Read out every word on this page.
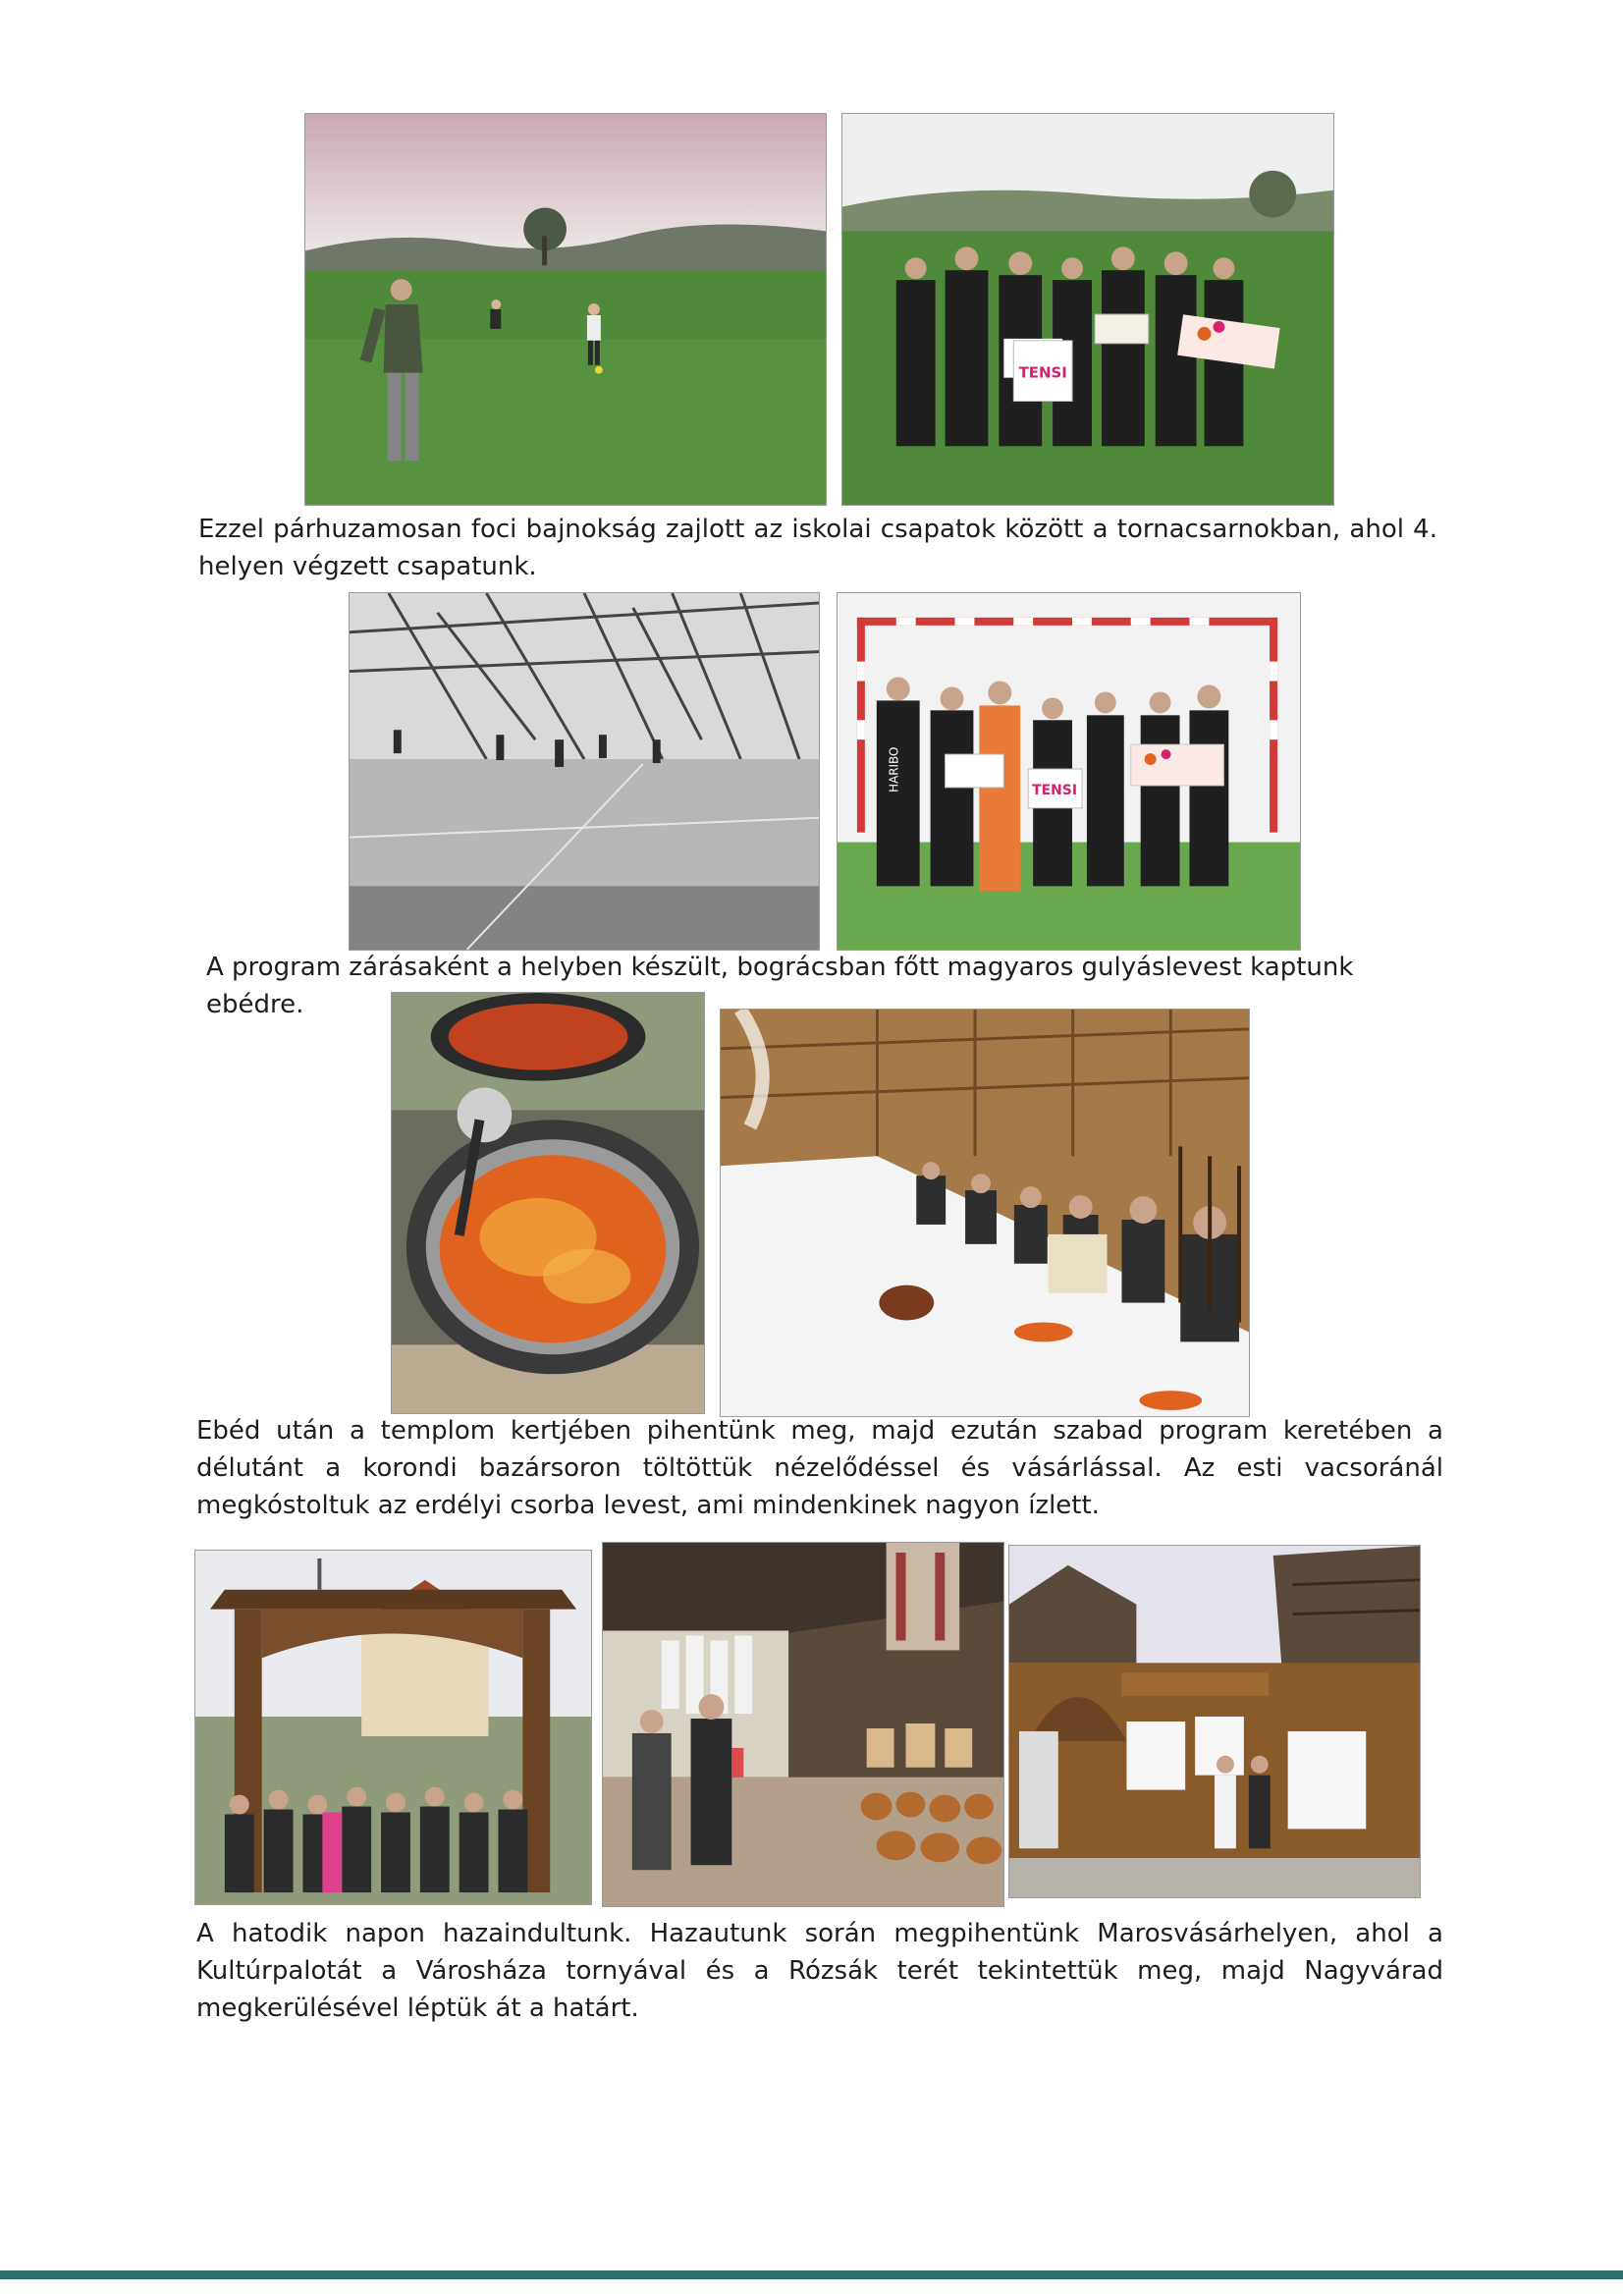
TENSI

Ezzel párhuzamosan foci bajnokság zajlott az iskolai csapatok között a tornacsarnokban, ahol 4. helyen végzett csapatunk.

HARIBO	TENSI

A program zárásaként a helyben készült, bográcsban főtt magyaros gulyáslevest kaptunk ebédre.

Ebéd után a templom kertjében pihentünk meg, majd ezután szabad program keretében a délutánt a korondi bazársoron töltöttük nézelődéssel és vásárlással. Az esti vacsoránál megkóstoltuk az erdélyi csorba levest, ami mindenkinek nagyon ízlett.

A hatodik napon hazaindultunk. Hazautunk során megpihentünk Marosvásárhelyen, ahol a Kultúrpalotát a Városháza tornyával és a Rózsák terét tekintettük meg, majd Nagyvárad megkerülésével léptük át a határt.
